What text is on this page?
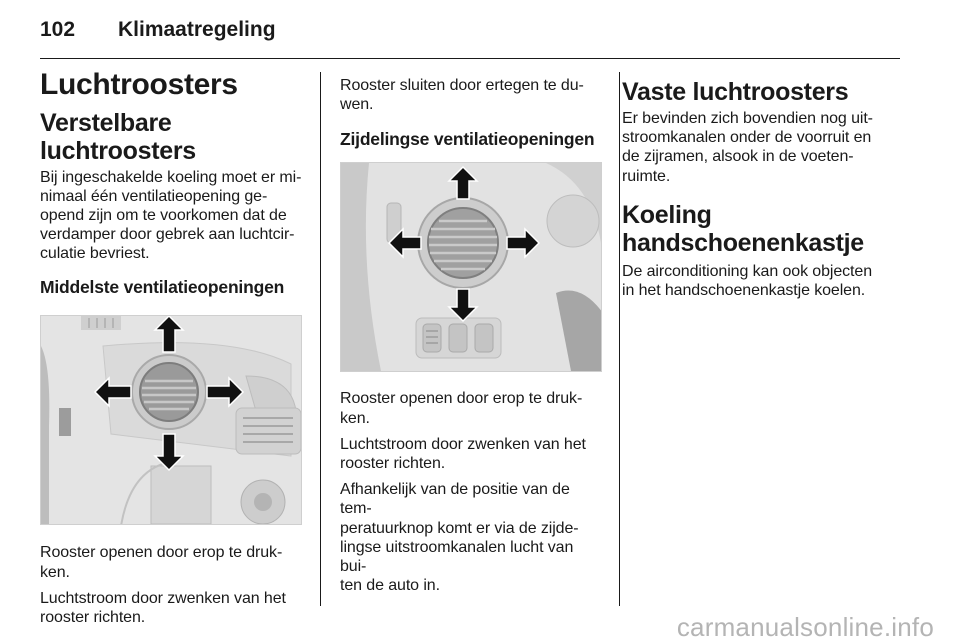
102 Klimaatregeling
Luchtroosters
Verstelbare luchtroosters

Bij ingeschakelde koeling moet er mi-
nimaal één ventilatieopening ge-
opend zijn om te voorkomen dat de
verdamper door gebrek aan luchtcir-
culatie bevriest.

Middelste ventilatieopeningen

Rooster openen door erop te druk-
ken.

Luchtstroom door zwenken van het
rooster richten.

Rooster sluiten door ertegen te du-
wen.

Zijdelingse ventilatieopeningen

Rooster openen door erop te druk-
ken.

Luchtstroom door zwenken van het
rooster richten.

Afhankelijk van de positie van de tem-
peratuurknop komt er via de zijde-
lingse uitstroomkanalen lucht van bui-
ten de auto in.

Vaste luchtroosters

Er bevinden zich bovendien nog uit-
stroomkanalen onder de voorruit en
de zijramen, alsook in de voeten-
ruimte.

Koeling
handschoenenkastje

De airconditioning kan ook objecten
in het handschoenenkastje koelen.

carmanualsonline.info
